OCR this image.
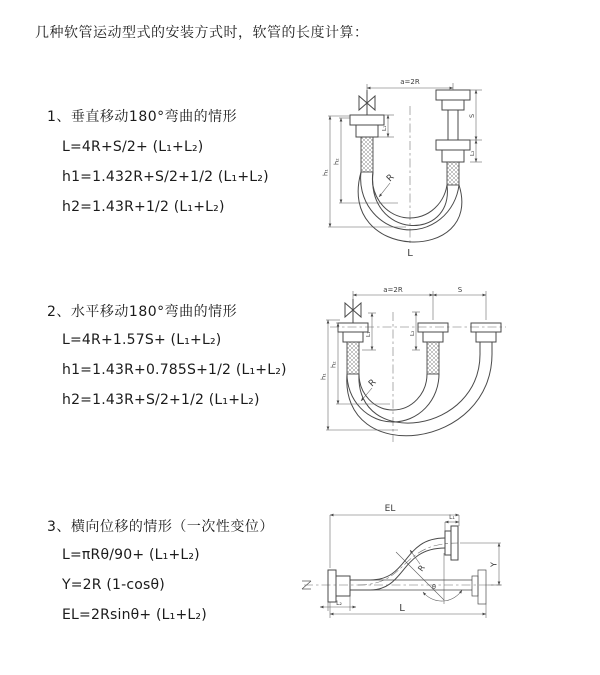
几种软管运动型式的安装方式时，软管的长度计算：
1、垂直移动180°弯曲的情形
L=4R+S/2+ (L₁+L₂)
h1=1.432R+S/2+1/2 (L₁+L₂)
h2=1.43R+1/2 (L₁+L₂)
2、水平移动180°弯曲的情形
L=4R+1.57S+ (L₁+L₂)
h1=1.43R+0.785S+1/2 (L₁+L₂)
h2=1.43R+S/2+1/2 (L₁+L₂)
3、横向位移的情形（一次性变位）
L=πRθ/90+ (L₁+L₂)
Y=2R (1-cosθ)
EL=2Rsinθ+ (L₁+L₂)
a=2R
L₁
S
L₂
h₁
h₂
R
L
a=2R	S
L₁	L₂
h₁
h₂
R
θ
R
EL
L₁
Y
L₂	L
